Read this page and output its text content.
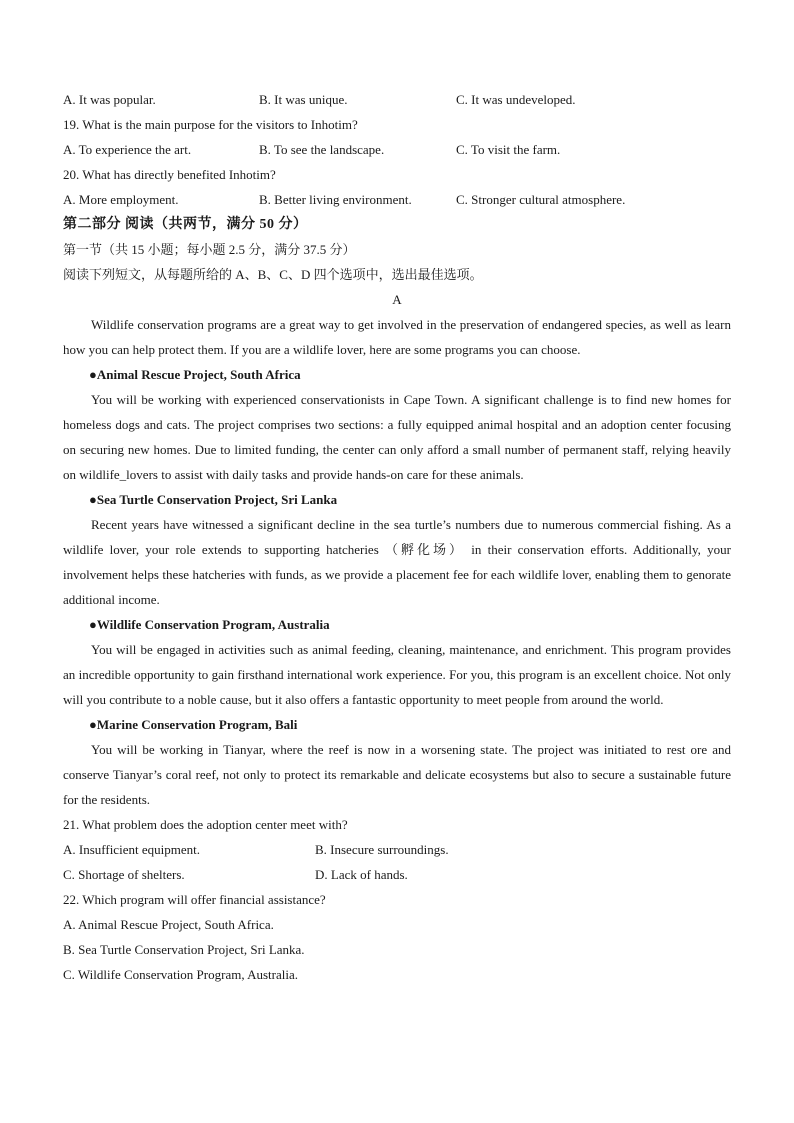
A. It was popular.	B. It was unique.	C. It was undeveloped.
19. What is the main purpose for the visitors to Inhotim?
A. To experience the art.	B. To see the landscape.	C. To visit the farm.
20. What has directly benefited Inhotim?
A. More employment.	B. Better living environment.	C. Stronger cultural atmosphere.
第二部分 阅读（共两节，满分 50 分）
第一节（共 15 小题；每小题 2.5 分，满分 37.5 分）
阅读下列短文，从每题所给的 A、B、C、D 四个选项中，选出最佳选项。
A

Wildlife conservation programs are a great way to get involved in the preservation of endangered species, as well as learn how you can help protect them. If you are a wildlife lover, here are some programs you can choose.

●Animal Rescue Project, South Africa

You will be working with experienced conservationists in Cape Town. A significant challenge is to find new homes for homeless dogs and cats. The project comprises two sections: a fully equipped animal hospital and an adoption center focusing on securing new homes. Due to limited funding, the center can only afford a small number of permanent staff, relying heavily on wildlife_lovers to assist with daily tasks and provide hands-on care for these animals.

●Sea Turtle Conservation Project, Sri Lanka

Recent years have witnessed a significant decline in the sea turtle’s numbers due to numerous commercial fishing. As a wildlife lover, your role extends to supporting hatcheries （孵化场） in their conservation efforts. Additionally, your involvement helps these hatcheries with funds, as we provide a placement fee for each wildlife lover, enabling them to genorate additional income.

●Wildlife Conservation Program, Australia

You will be engaged in activities such as animal feeding, cleaning, maintenance, and enrichment. This program provides an incredible opportunity to gain firsthand international work experience. For you, this program is an excellent choice. Not only will you contribute to a noble cause, but it also offers a fantastic opportunity to meet people from around the world.

●Marine Conservation Program, Bali

You will be working in Tianyar, where the reef is now in a worsening state. The project was initiated to rest ore and conserve Tianyar’s coral reef, not only to protect its remarkable and delicate ecosystems but also to secure a sustainable future for the residents.

21. What problem does the adoption center meet with?
A. Insufficient equipment.	B. Insecure surroundings.
C. Shortage of shelters.	D. Lack of hands.
22. Which program will offer financial assistance?
A. Animal Rescue Project, South Africa.
B. Sea Turtle Conservation Project, Sri Lanka.
C. Wildlife Conservation Program, Australia.
